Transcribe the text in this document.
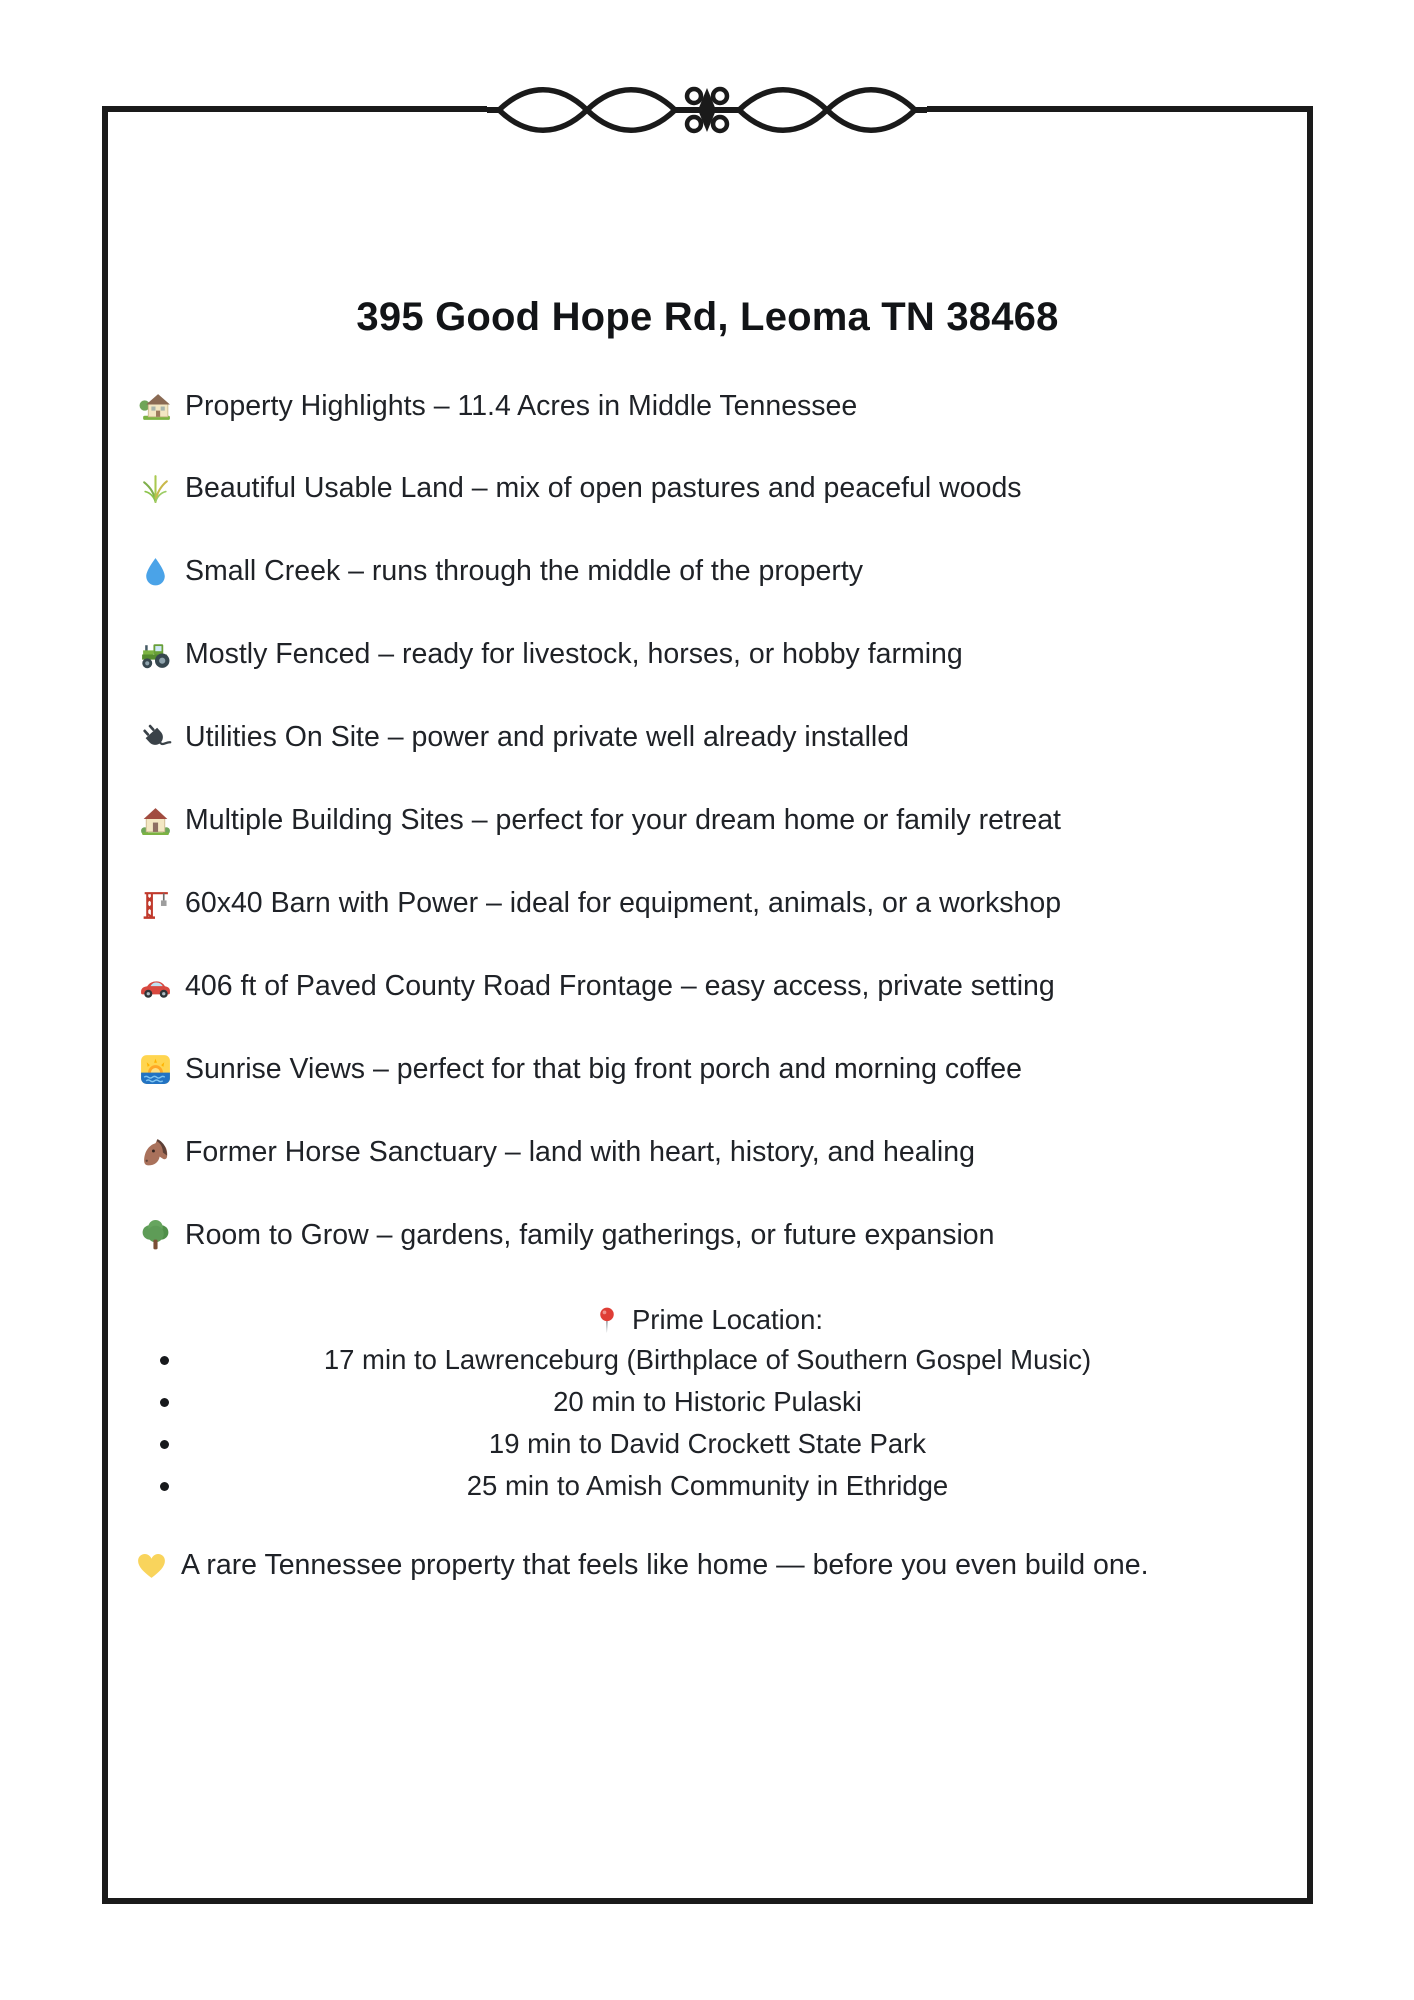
395 Good Hope Rd, Leoma TN 38468
Property Highlights – 11.4 Acres in Middle Tennessee
Beautiful Usable Land – mix of open pastures and peaceful woods
Small Creek – runs through the middle of the property
Mostly Fenced – ready for livestock, horses, or hobby farming
Utilities On Site – power and private well already installed
Multiple Building Sites – perfect for your dream home or family retreat
60x40 Barn with Power – ideal for equipment, animals, or a workshop
406 ft of Paved County Road Frontage – easy access, private setting
Sunrise Views – perfect for that big front porch and morning coffee
Former Horse Sanctuary – land with heart, history, and healing
Room to Grow – gardens, family gatherings, or future expansion
Prime Location:
17 min to Lawrenceburg (Birthplace of Southern Gospel Music)
20 min to Historic Pulaski
19 min to David Crockett State Park
25 min to Amish Community in Ethridge
A rare Tennessee property that feels like home — before you even build one.
